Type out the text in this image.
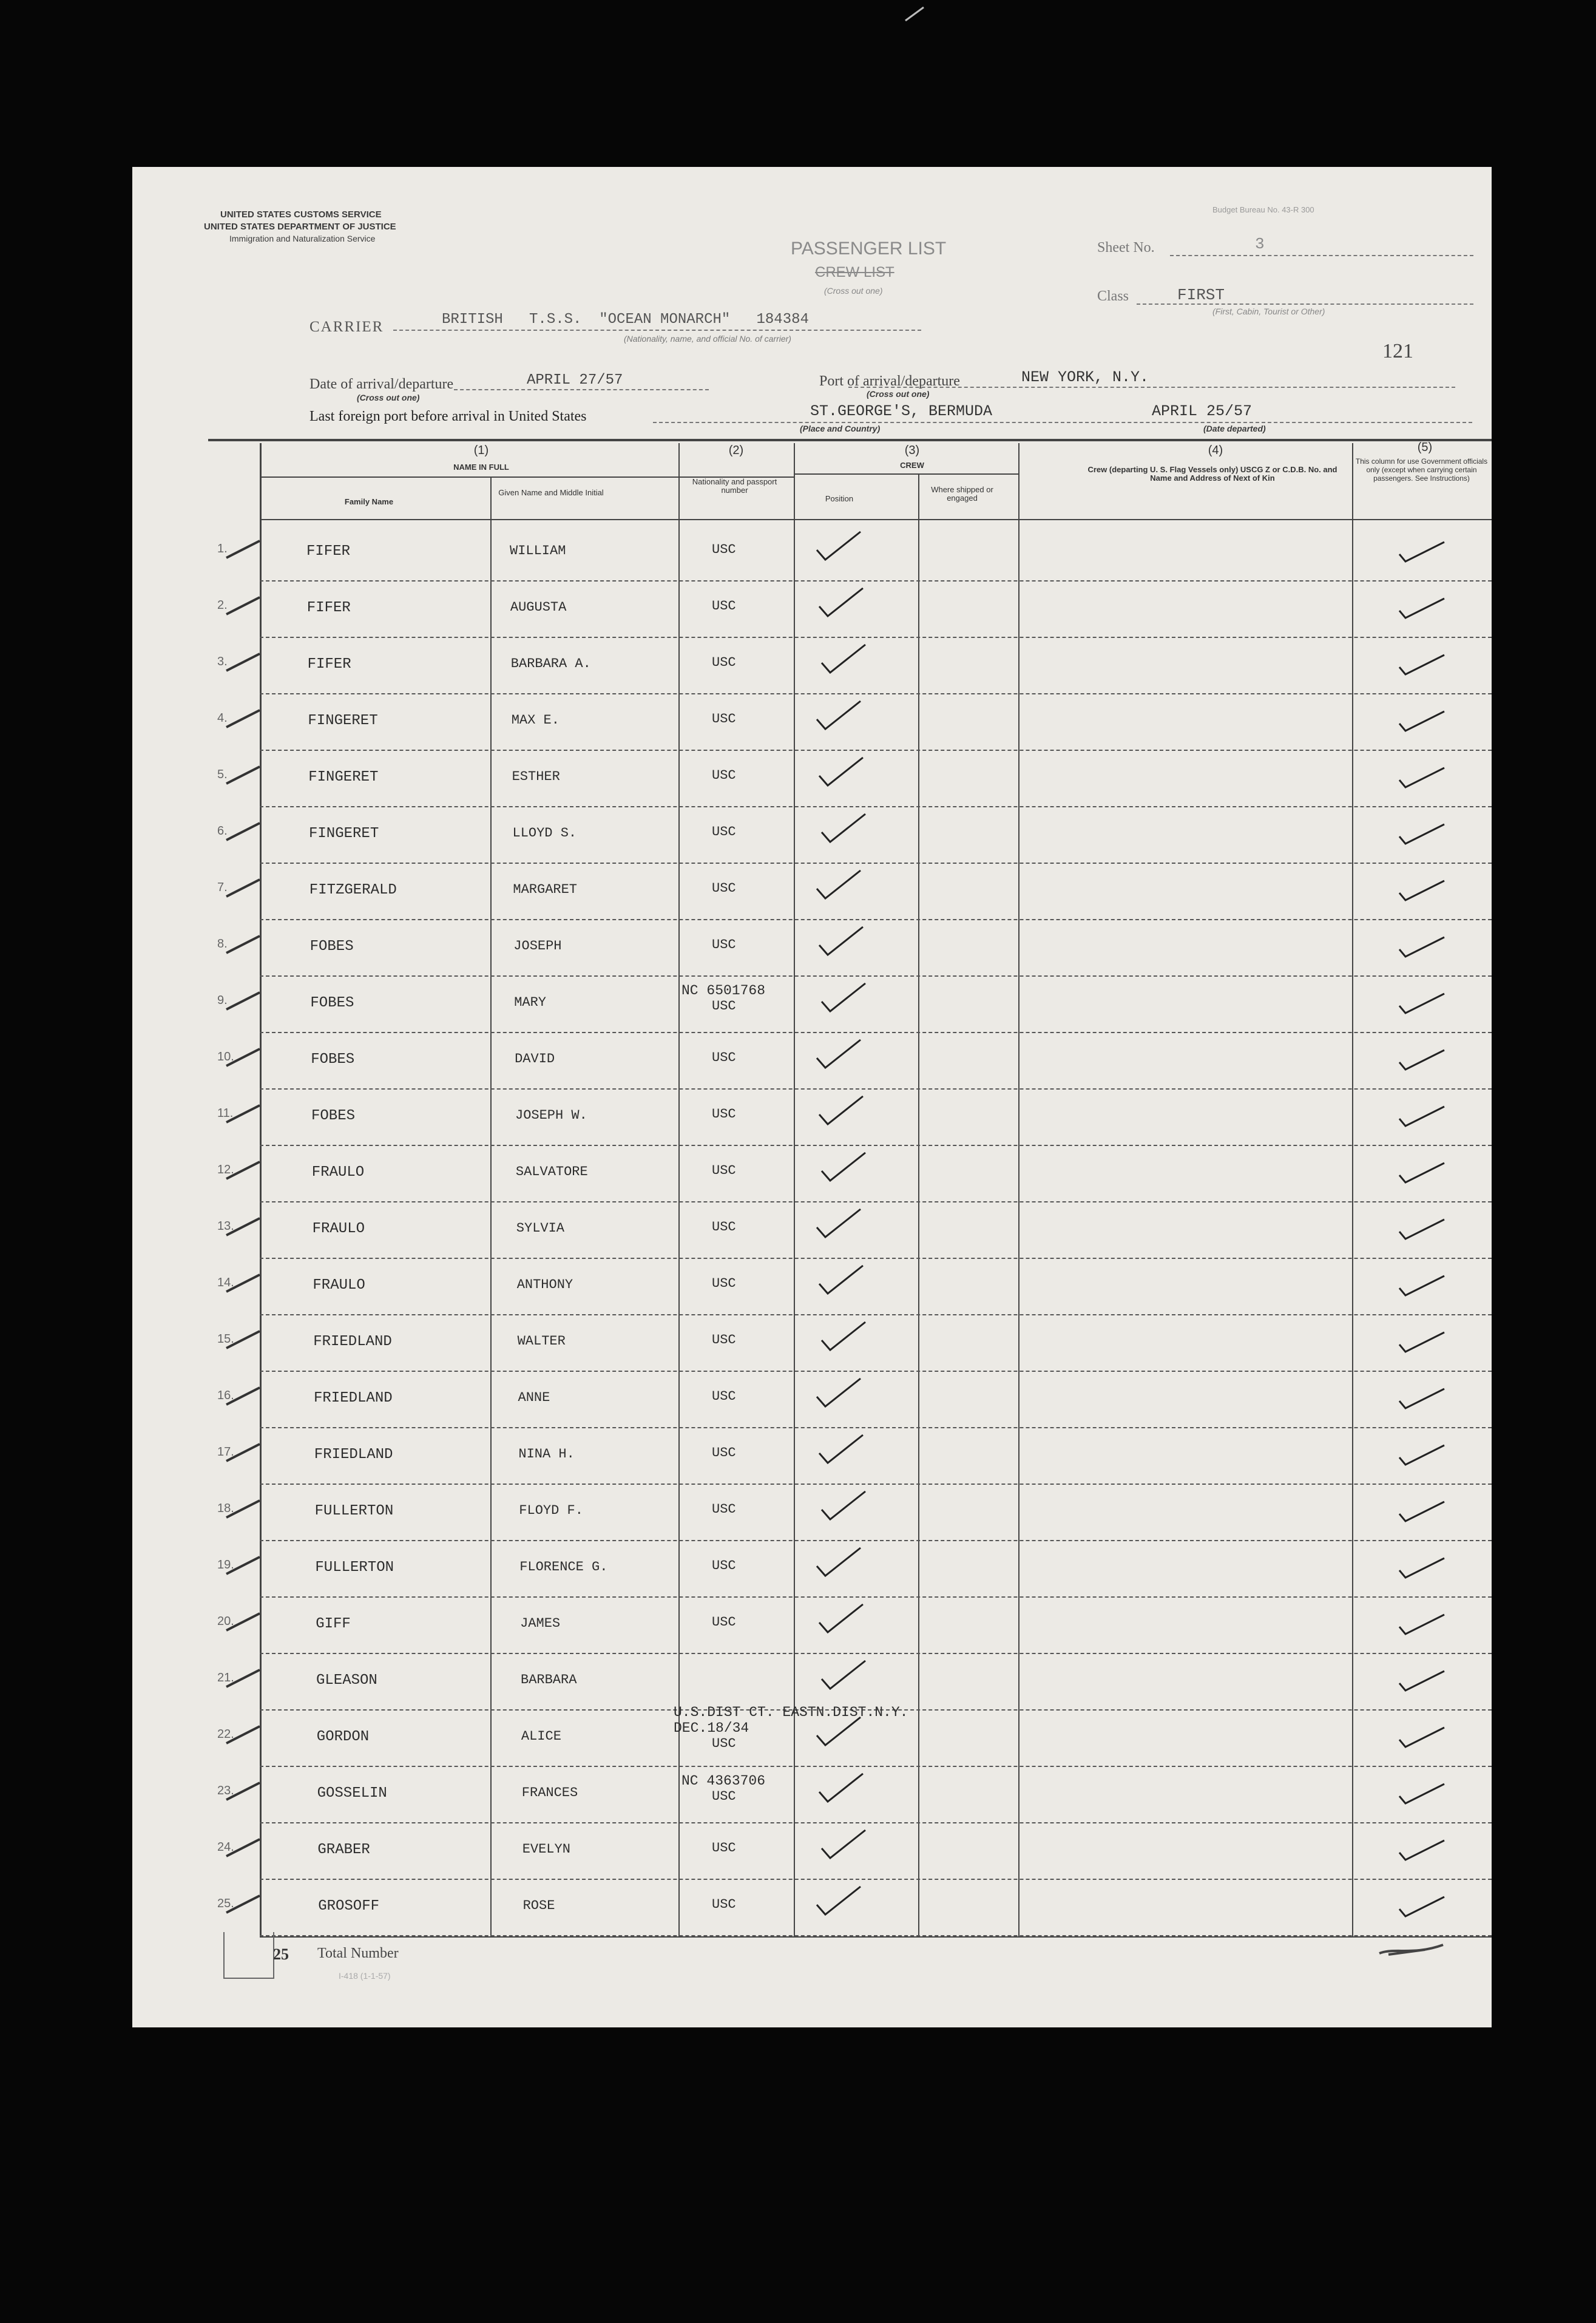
UNITED STATES CUSTOMS SERVICE
UNITED STATES DEPARTMENT OF JUSTICE
Immigration and Naturalization Service
Budget Bureau No. 43-R 300
PASSENGER LIST
CREW LIST
(Cross out one)
Sheet No.	3
Class	FIRST
(First, Cabin, Tourist or Other)
121
CARRIER	BRITISH   T.S.S.  "OCEAN MONARCH"   184384
(Nationality, name, and official No. of carrier)
Date of arrival/departure	APRIL 27/57
(Cross out one)
Port of arrival/departure	NEW YORK, N.Y.
(Cross out one)
Last foreign port before arrival in United States	ST.GEORGE'S, BERMUDA
(Place and Country)
APRIL 25/57
(Date departed)
(1)
NAME IN FULL
Family Name
Given Name and Middle Initial
(2)
Nationality and passport number
(3)
CREW
Position
Where shipped or engaged
(4)
Crew (departing U. S. Flag Vessels only) USCG Z or C.D.B. No. and Name and Address of Next of Kin
(5)
This column for use Government officials only (except when carrying certain passengers. See Instructions)
1.	FIFER	WILLIAM	USC
2.	FIFER	AUGUSTA	USC
3.	FIFER	BARBARA A.	USC
4.	FINGERET	MAX E.	USC
5.	FINGERET	ESTHER	USC
6.	FINGERET	LLOYD S.	USC
7.	FITZGERALD	MARGARET	USC
8.	FOBES	JOSEPH	USC
9.	FOBES	MARY
NC 6501768
USC
10.	FOBES	DAVID	USC
11.	FOBES	JOSEPH W.	USC
12.	FRAULO	SALVATORE	USC
13.	FRAULO	SYLVIA	USC
14.	FRAULO	ANTHONY	USC
15.	FRIEDLAND	WALTER	USC
16.	FRIEDLAND	ANNE	USC
17.	FRIEDLAND	NINA H.	USC
18.	FULLERTON	FLOYD F.	USC
19.	FULLERTON	FLORENCE G.	USC
20.	GIFF	JAMES	USC
21.	GLEASON	BARBARA
22.	GORDON	ALICE
U.S.DIST CT. EASTN.DIST.N.Y. DEC.18/34
USC
23.	GOSSELIN	FRANCES
NC 4363706
USC
24.	GRABER	EVELYN	USC
25.	GROSOFF	ROSE	USC
25 Total Number
I-418 (1-1-57)
